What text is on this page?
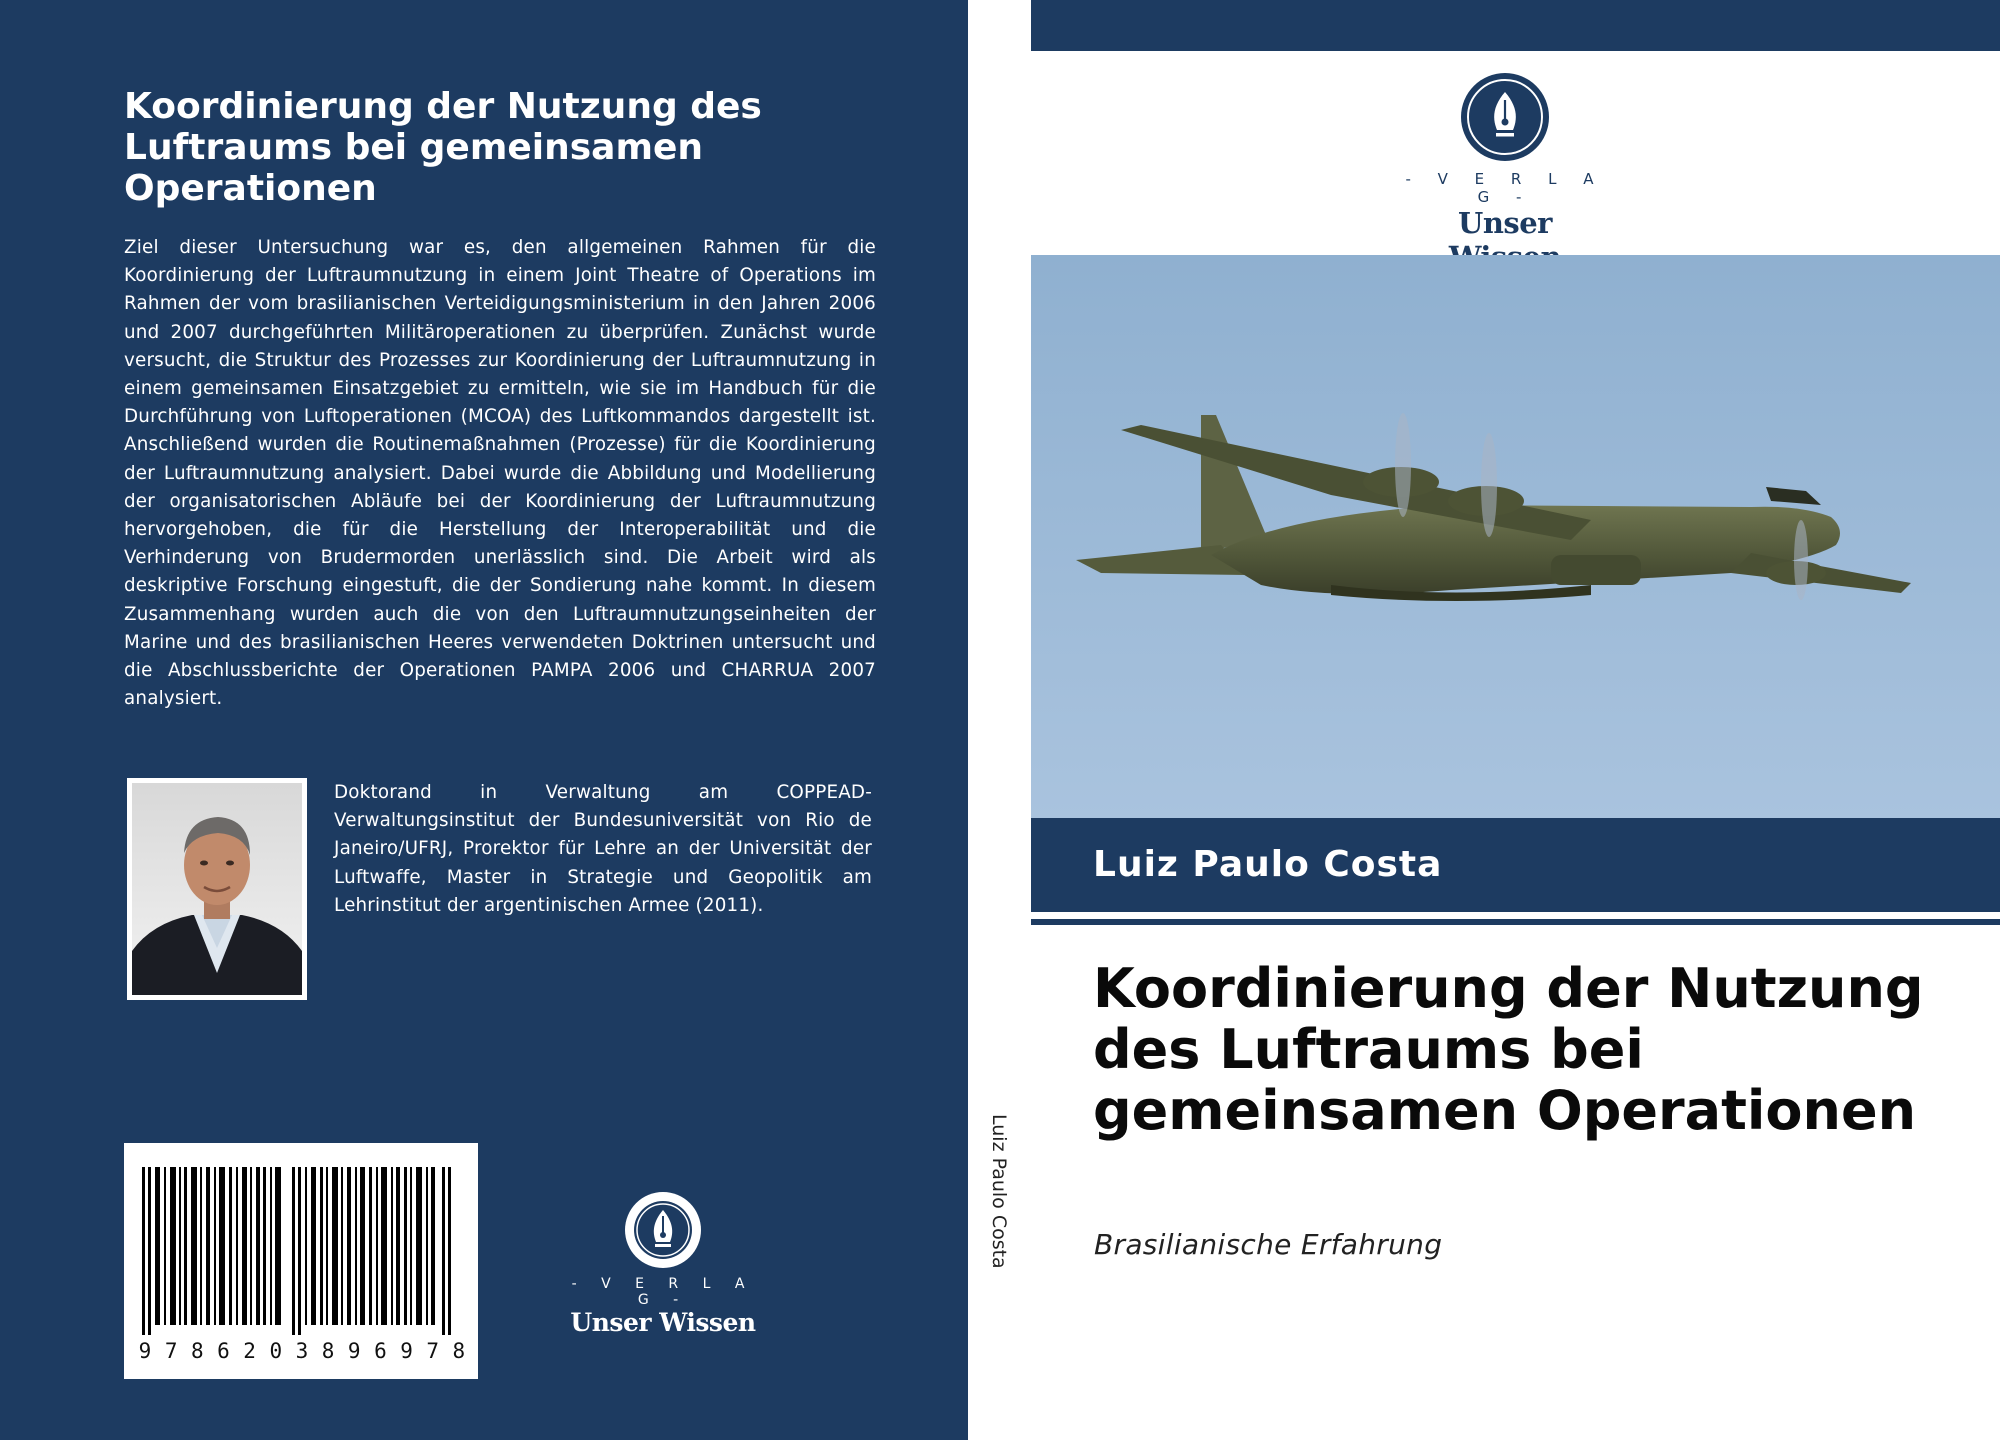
Koordinierung der Nutzung des Luftraums bei gemeinsamen Operationen
Ziel dieser Untersuchung war es, den allgemeinen Rahmen für die Koordinierung der Luftraumnutzung in einem Joint Theatre of Operations im Rahmen der vom brasilianischen Verteidigungsministerium in den Jahren 2006 und 2007 durchgeführten Militäroperationen zu überprüfen. Zunächst wurde versucht, die Struktur des Prozesses zur Koordinierung der Luftraumnutzung in einem gemeinsamen Einsatzgebiet zu ermitteln, wie sie im Handbuch für die Durchführung von Luftoperationen (MCOA) des Luftkommandos dargestellt ist. Anschließend wurden die Routinemaßnahmen (Prozesse) für die Koordinierung der Luftraumnutzung analysiert. Dabei wurde die Abbildung und Modellierung der organisatorischen Abläufe bei der Koordinierung der Luftraumnutzung hervorgehoben, die für die Herstellung der Interoperabilität und die Verhinderung von Brudermorden unerlässlich sind. Die Arbeit wird als deskriptive Forschung eingestuft, die der Sondierung nahe kommt. In diesem Zusammenhang wurden auch die von den Luftraumnutzungseinheiten der Marine und des brasilianischen Heeres verwendeten Doktrinen untersucht und die Abschlussberichte der Operationen PAMPA 2006 und CHARRUA 2007 analysiert.
Doktorand in Verwaltung am COPPEAD-Verwaltungsinstitut der Bundesuniversität von Rio de Janeiro/UFRJ, Prorektor für Lehre an der Universität der Luftwaffe, Master in Strategie und Geopolitik am Lehrinstitut der argentinischen Armee (2011).
9 7 8 6 2 0 3 8 9 6 9 7 8
- V E R L A G -
Unser Wissen
Luiz Paulo Costa
- V E R L A G -
Unser
Luiz Paulo Costa
Koordinierung der Nutzung des Luftraums bei gemeinsamen Operationen
Brasilianische Erfahrung
